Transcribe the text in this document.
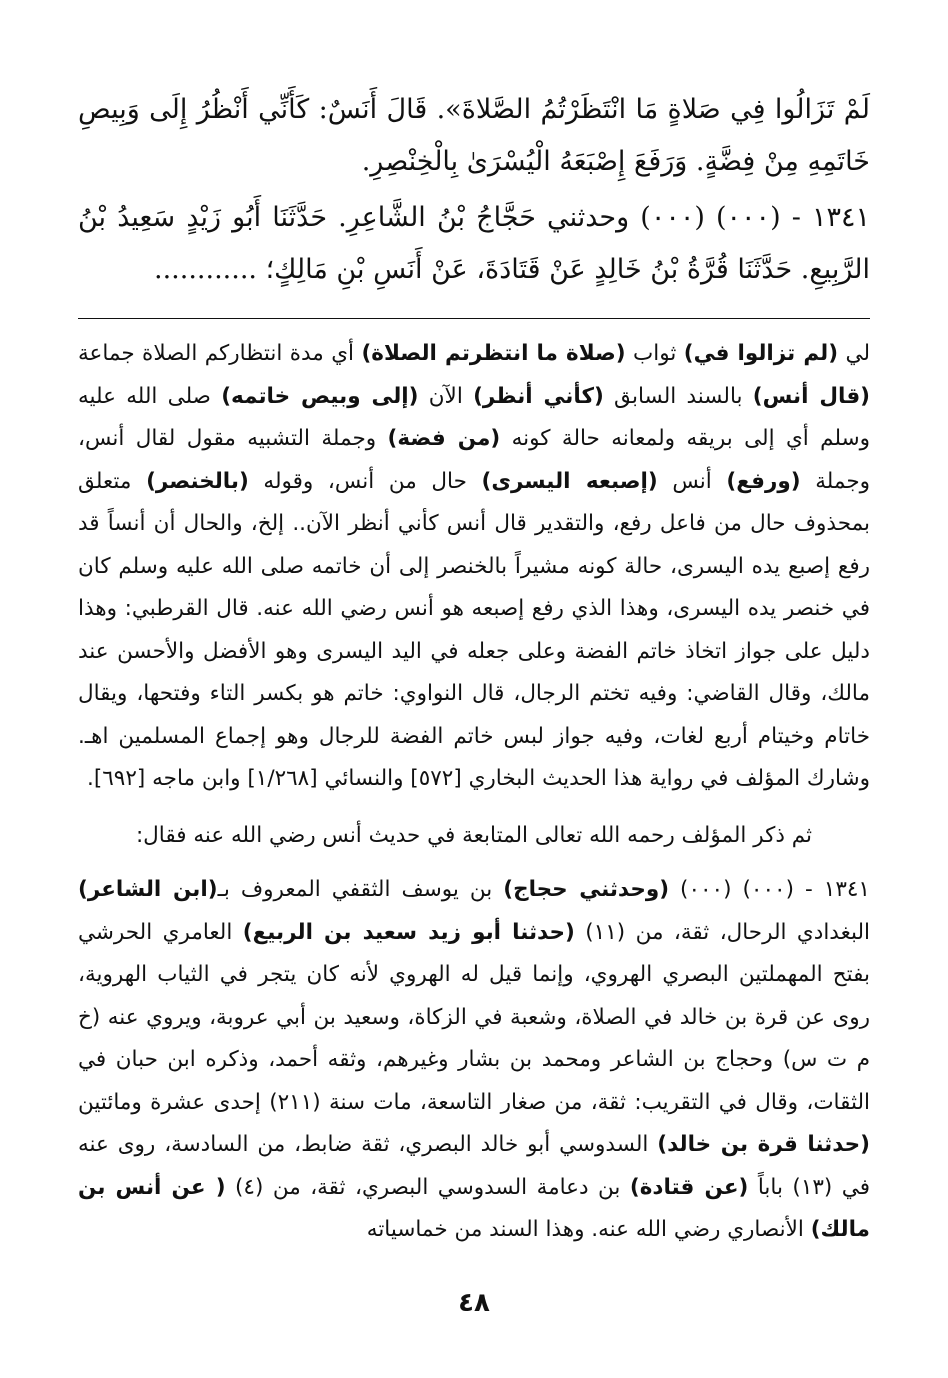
لَمْ تَزَالُوا فِي صَلاةٍ مَا انْتَظَرْتُمُ الصَّلاةَ». قَالَ أَنَسٌ: كَأَنِّي أَنْظُرُ إِلَى وَبِيصِ خَاتَمِهِ مِنْ فِضَّةٍ. وَرَفَعَ إِصْبَعَهُ الْيُسْرَىٰ بِالْخِنْصِرِ.

١٣٤١ - (٠٠٠) (٠٠٠) وحدثني حَجَّاجُ بْنُ الشَّاعِرِ. حَدَّثَنَا أَبُو زَيْدٍ سَعِيدُ بْنُ الرَّبِيعِ. حَدَّثَنَا قُرَّةُ بْنُ خَالِدٍ عَنْ قَتَادَةَ، عَنْ أَنَسِ بْنِ مَالِكٍ؛ ............

لي (لم تزالوا في) ثواب (صلاة ما انتظرتم الصلاة) أي مدة انتظاركم الصلاة جماعة (قال أنس) بالسند السابق (كأني أنظر) الآن (إلى وبيص خاتمه) صلى الله عليه وسلم أي إلى بريقه ولمعانه حالة كونه (من فضة) وجملة التشبيه مقول لقال أنس، وجملة (ورفع) أنس (إصبعه اليسرى) حال من أنس، وقوله (بالخنصر) متعلق بمحذوف حال من فاعل رفع، والتقدير قال أنس كأني أنظر الآن.. إلخ، والحال أن أنساً قد رفع إصبع يده اليسرى، حالة كونه مشيراً بالخنصر إلى أن خاتمه صلى الله عليه وسلم كان في خنصر يده اليسرى، وهذا الذي رفع إصبعه هو أنس رضي الله عنه. قال القرطبي: وهذا دليل على جواز اتخاذ خاتم الفضة وعلى جعله في اليد اليسرى وهو الأفضل والأحسن عند مالك، وقال القاضي: وفيه تختم الرجال، قال النواوي: خاتم هو بكسر التاء وفتحها، ويقال خاتام وخيتام أربع لغات، وفيه جواز لبس خاتم الفضة للرجال وهو إجماع المسلمين اهـ. وشارك المؤلف في رواية هذا الحديث البخاري [٥٧٢] والنسائي [١/٢٦٨] وابن ماجه [٦٩٢].

ثم ذكر المؤلف رحمه الله تعالى المتابعة في حديث أنس رضي الله عنه فقال:

١٣٤١ - (٠٠٠) (٠٠٠) (وحدثني حجاج) بن يوسف الثقفي المعروف بـ(ابن الشاعر) البغدادي الرحال، ثقة، من (١١) (حدثنا أبو زيد سعيد بن الربيع) العامري الحرشي بفتح المهملتين البصري الهروي، وإنما قيل له الهروي لأنه كان يتجر في الثياب الهروية، روى عن قرة بن خالد في الصلاة، وشعبة في الزكاة، وسعيد بن أبي عروبة، ويروي عنه (خ م ت س) وحجاج بن الشاعر ومحمد بن بشار وغيرهم، وثقه أحمد، وذكره ابن حبان في الثقات، وقال في التقريب: ثقة، من صغار التاسعة، مات سنة (٢١١) إحدى عشرة ومائتين (حدثنا قرة بن خالد) السدوسي أبو خالد البصري، ثقة ضابط، من السادسة، روى عنه في (١٣) باباً (عن قتادة) بن دعامة السدوسي البصري، ثقة، من (٤) ( عن أنس بن مالك) الأنصاري رضي الله عنه. وهذا السند من خماسياته

٤٨
